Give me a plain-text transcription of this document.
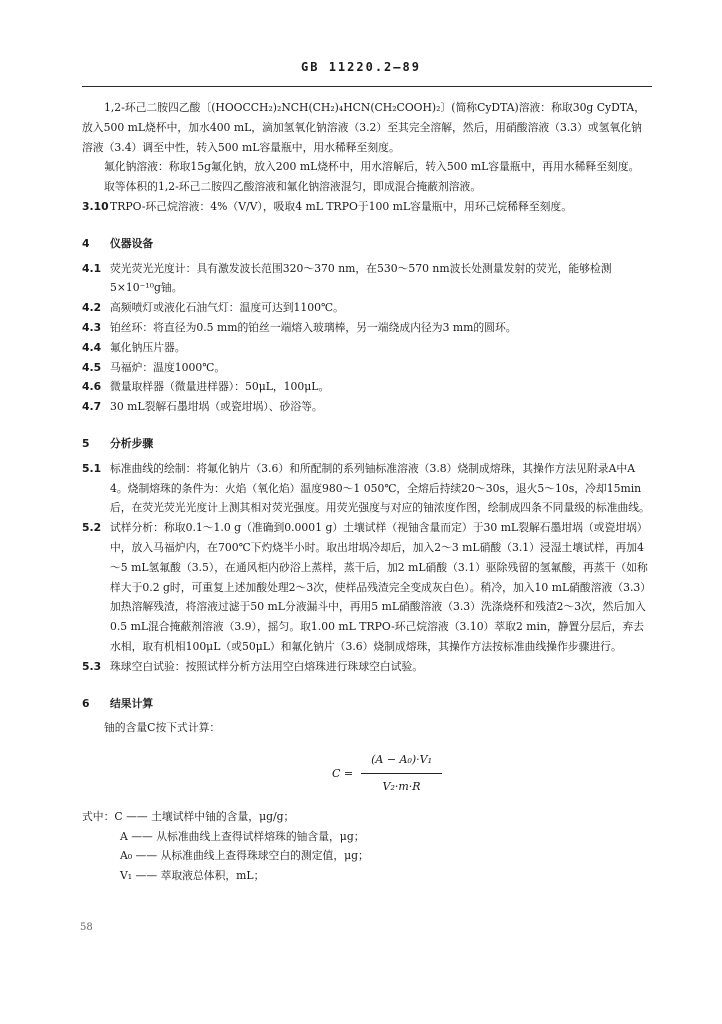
GB 11220.2—89

1,2-环己二胺四乙酸〔(HOOCCH₂)₂NCH(CH₂)₄HCN(CH₂COOH)₂〕(简称CyDTA)溶液：称取30g CyDTA，放入500 mL烧杯中，加水400 mL，滴加氢氧化钠溶液（3.2）至其完全溶解，然后，用硝酸溶液（3.3）或氢氧化钠溶液（3.4）调至中性，转入500 mL容量瓶中，用水稀释至刻度。

氟化钠溶液：称取15g氟化钠，放入200 mL烧杯中，用水溶解后，转入500 mL容量瓶中，再用水稀释至刻度。

取等体积的1,2-环己二胺四乙酸溶液和氟化钠溶液混匀，即成混合掩蔽剂溶液。

3.10 TRPO-环己烷溶液：4%（V/V），吸取4 mL TRPO于100 mL容量瓶中，用环己烷稀释至刻度。

4 仪器设备

4.1 荧光荧光光度计：具有激发波长范围320～370 nm，在530～570 nm波长处测量发射的荧光，能够检测5×10⁻¹⁰g铀。
4.2 高频喷灯或液化石油气灯：温度可达到1100℃。
4.3 铂丝环：将直径为0.5 mm的铂丝一端熔入玻璃棒，另一端绕成内径为3 mm的圆环。
4.4 氟化钠压片器。
4.5 马福炉：温度1000℃。
4.6 微量取样器（微量进样器）：50μL，100μL。
4.7 30 mL裂解石墨坩埚（或瓷坩埚）、砂浴等。

5 分析步骤

5.1 标准曲线的绘制：将氟化钠片（3.6）和所配制的系列铀标准溶液（3.8）烧制成熔珠，其操作方法见附录A中A 4。烧制熔珠的条件为：火焰（氧化焰）温度980～1 050℃，全熔后持续20～30s，退火5～10s，冷却15min后，在荧光荧光光度计上测其相对荧光强度。用荧光强度与对应的铀浓度作图，绘制成四条不同量级的标准曲线。
5.2 试样分析：称取0.1～1.0 g（准确到0.0001 g）土壤试样（视铀含量而定）于30 mL裂解石墨坩埚（或瓷坩埚）中，放入马福炉内，在700℃下灼烧半小时。取出坩埚冷却后，加入2～3 mL硝酸（3.1）浸湿土壤试样，再加4～5 mL氢氟酸（3.5），在通风柜内砂浴上蒸样，蒸干后，加2 mL硝酸（3.1）驱除残留的氢氟酸，再蒸干（如称样大于0.2 g时，可重复上述加酸处理2～3次，使样品残渣完全变成灰白色）。稍冷，加入10 mL硝酸溶液（3.3）加热溶解残渣，将溶液过滤于50 mL分液漏斗中，再用5 mL硝酸溶液（3.3）洗涤烧杯和残渣2～3次，然后加入0.5 mL混合掩蔽剂溶液（3.9），摇匀。取1.00 mL TRPO-环己烷溶液（3.10）萃取2 min，静置分层后，弃去水相，取有机相100μL（或50μL）和氟化钠片（3.6）烧制成熔珠，其操作方法按标准曲线操作步骤进行。
5.3 珠球空白试验：按照试样分析方法用空白熔珠进行珠球空白试验。

6 结果计算

铀的含量C按下式计算：

$C = \frac{\text{(A − A₀)·V₁}}{\text{V₂·m·R}}$

式中：C —— 土壤试样中铀的含量，μg/g；

A —— 从标准曲线上查得试样熔珠的铀含量，μg；

A₀ —— 从标准曲线上查得珠球空白的测定值，μg；

V₁ —— 萃取液总体积，mL；

58
